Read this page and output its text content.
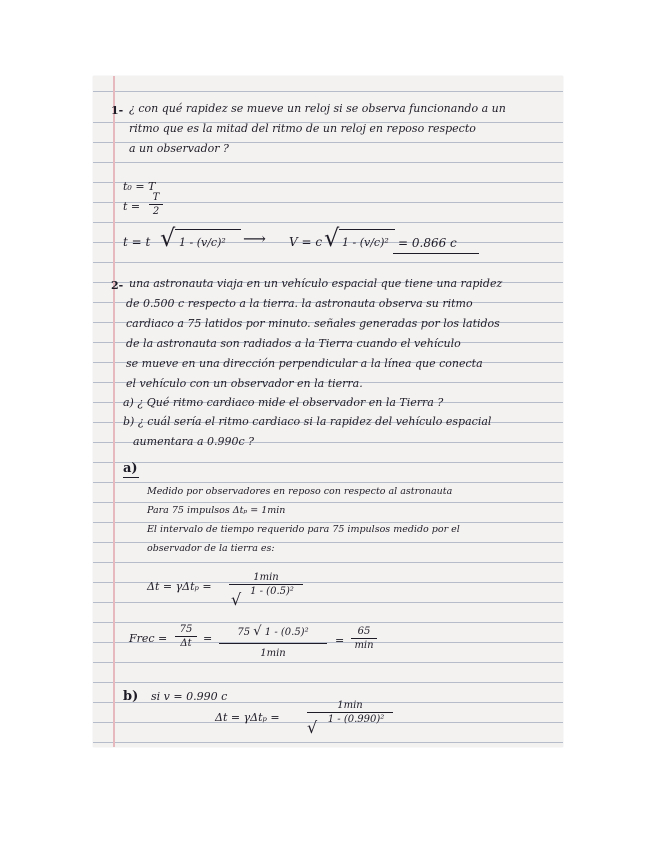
1- ¿ con qué rapidez se mueve un reloj si se observa funcionando a un
ritmo que es la mitad del ritmo de un reloj en reposo respecto
a un observador ?
t₀ = T
t =
T
2
t = t √ 1 - (v/c)² ⟶ V = c √ 1 - (v/c)² = 0.866 c
2- una astronauta viaja en un vehículo espacial que tiene una rapidez
de 0.500 c respecto a la tierra. la astronauta observa su ritmo
cardiaco a 75 latidos por minuto. señales generadas por los latidos
de la astronauta son radiados a la Tierra cuando el vehículo
se mueve en una dirección perpendicular a la línea que conecta
el vehículo con un observador en la tierra.
a) ¿ Qué ritmo cardiaco mide el observador en la Tierra ?
b) ¿ cuál sería el ritmo cardiaco si la rapidez del vehículo espacial
aumentara a 0.990c ?
a)
Medido por observadores en reposo con respecto al astronauta
Para 75 impulsos Δtₚ = 1min
El intervalo de tiempo requerido para 75 impulsos medido por el
observador de la tierra es:
Δt = γΔtₚ =
1min
1 - (0.5)²
√
Frec =
75
Δt	=	75 √ 1 - (0.5)²
1min
=
65
min
b) si v = 0.990 c
Δt = γΔtₚ =
1min
1 - (0.990)²
√
